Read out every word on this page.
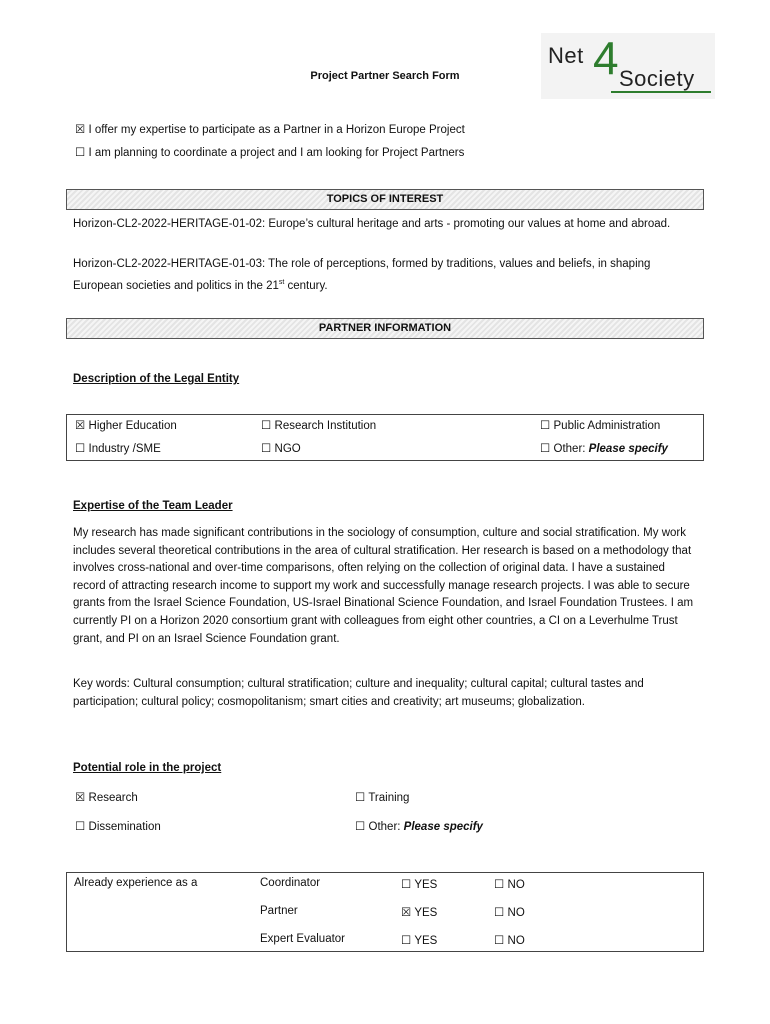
Project Partner Search Form
Net 4 Society
☒ I offer my expertise to participate as a Partner in a Horizon Europe Project
☐ I am planning to coordinate a project and I am looking for Project Partners
TOPICS OF INTEREST
Horizon-CL2-2022-HERITAGE-01-02: Europe’s cultural heritage and arts - promoting our values at home and abroad.
Horizon-CL2-2022-HERITAGE-01-03: The role of perceptions, formed by traditions, values and beliefs, in shaping European societies and politics in the 21st century.
PARTNER INFORMATION
Description of the Legal Entity
☒ Higher Education	☐ Research Institution	☐ Public Administration
☐ Industry /SME	☐ NGO	☐ Other: Please specify
Expertise of the Team Leader
My research has made significant contributions in the sociology of consumption, culture and social stratification. My work includes several theoretical contributions in the area of cultural stratification. Her research is based on a methodology that involves cross-national and over-time comparisons, often relying on the collection of original data. I have a sustained record of attracting research income to support my work and successfully manage research projects. I was able to secure grants from the Israel Science Foundation, US-Israel Binational Science Foundation, and Israel Foundation Trustees. I am currently PI on a Horizon 2020 consortium grant with colleagues from eight other countries, a CI on a Leverhulme Trust grant, and PI on an Israel Science Foundation grant.
Key words: Cultural consumption; cultural stratification; culture and inequality; cultural capital; cultural tastes and participation; cultural policy; cosmopolitanism; smart cities and creativity; art museums; globalization.
Potential role in the project
☒ Research	☐ Training
☐ Dissemination	☐ Other: Please specify
Already experience as a	Coordinator	☐ YES	☐ NO
Partner	☒ YES	☐ NO
Expert Evaluator	☐ YES	☐ NO
